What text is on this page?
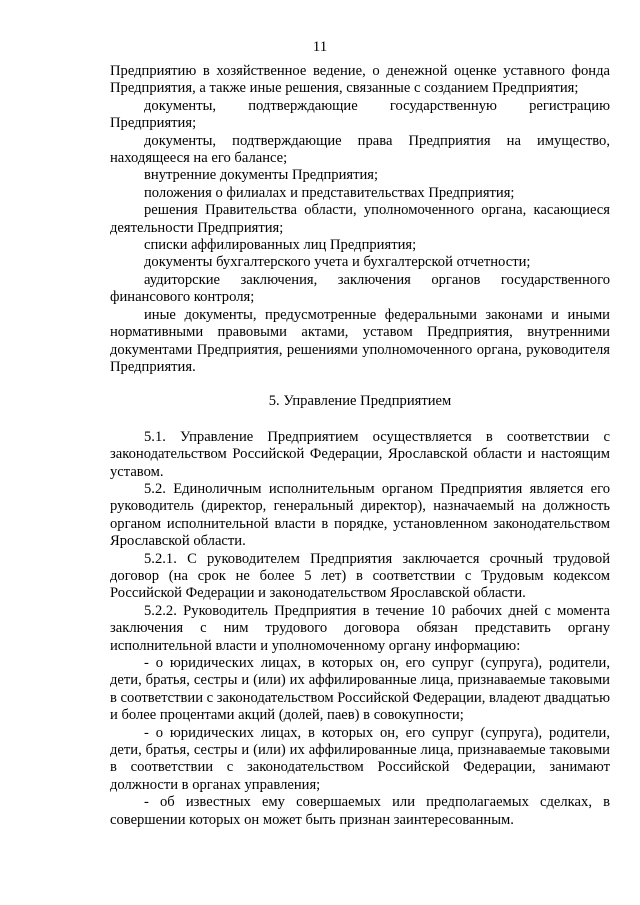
11

Предприятию в хозяйственное ведение, о денежной оценке уставного фонда Предприятия, а также иные решения, связанные с созданием Предприятия;

документы, подтверждающие государственную регистрацию Предприятия;

документы, подтверждающие права Предприятия на имущество, находящееся на его балансе;

внутренние документы Предприятия;

положения о филиалах и представительствах Предприятия;

решения Правительства области, уполномоченного органа, касающиеся деятельности Предприятия;

списки аффилированных лиц Предприятия;

документы бухгалтерского учета и бухгалтерской отчетности;

аудиторские заключения, заключения органов государственного финансового контроля;

иные документы, предусмотренные федеральными законами и иными нормативными правовыми актами, уставом Предприятия, внутренними документами Предприятия, решениями уполномоченного органа, руководителя Предприятия.

5. Управление Предприятием

5.1. Управление Предприятием осуществляется в соответствии с законодательством Российской Федерации, Ярославской области и настоящим уставом.

5.2. Единоличным исполнительным органом Предприятия является его руководитель (директор, генеральный директор), назначаемый на должность органом исполнительной власти в порядке, установленном законодательством Ярославской области.

5.2.1. С руководителем Предприятия заключается срочный трудовой договор (на срок не более 5 лет) в соответствии с Трудовым кодексом Российской Федерации и законодательством Ярославской области.

5.2.2. Руководитель Предприятия в течение 10 рабочих дней с момента заключения с ним трудового договора обязан представить органу исполнительной власти и уполномоченному органу информацию:

- о юридических лицах, в которых он, его супруг (супруга), родители, дети, братья, сестры и (или) их аффилированные лица, признаваемые таковыми в соответствии с законодательством Российской Федерации, владеют двадцатью и более процентами акций (долей, паев) в совокупности;

- о юридических лицах, в которых он, его супруг (супруга), родители, дети, братья, сестры и (или) их аффилированные лица, признаваемые таковыми в соответствии с законодательством Российской Федерации, занимают должности в органах управления;

- об известных ему совершаемых или предполагаемых сделках, в совершении которых он может быть признан заинтересованным.
